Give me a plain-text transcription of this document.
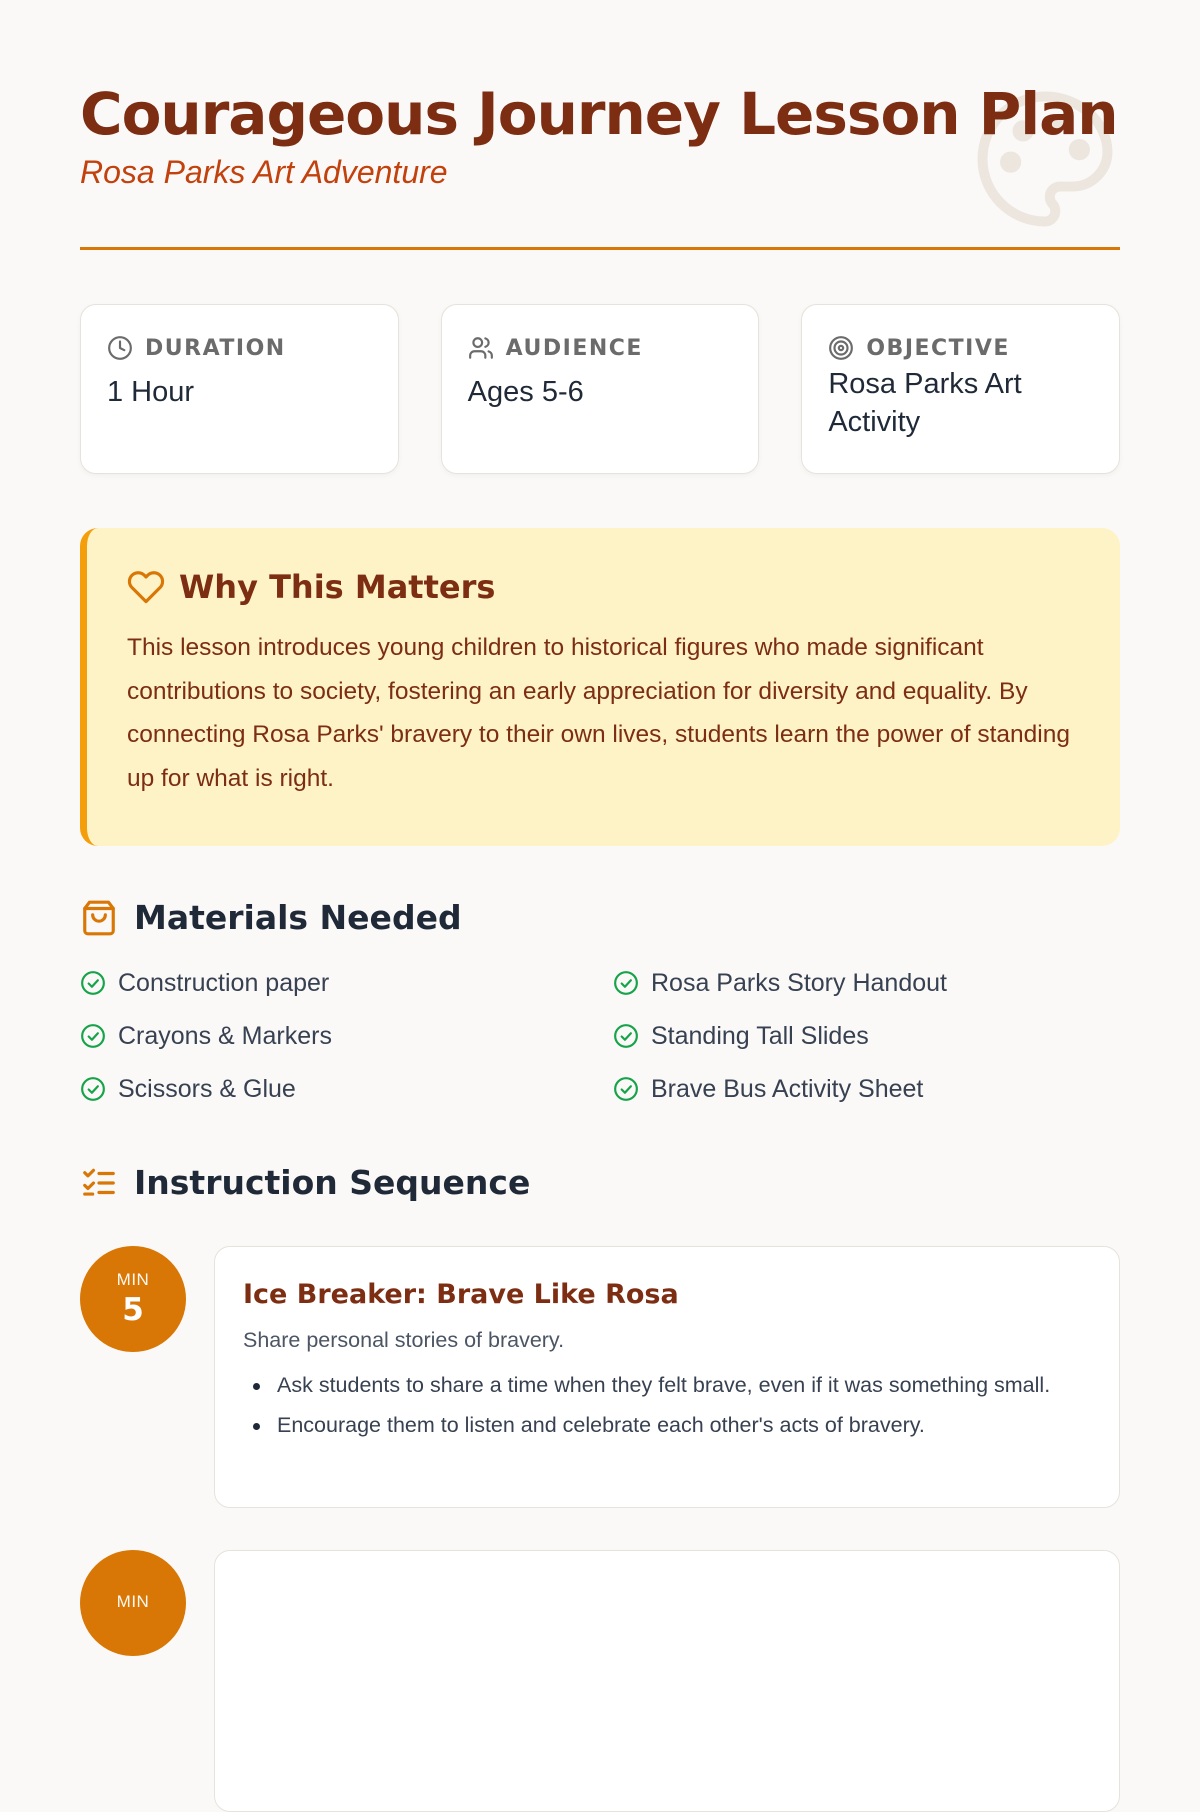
Courageous Journey Lesson Plan
Rosa Parks Art Adventure
DURATION
1 Hour
AUDIENCE
Ages 5-6
OBJECTIVE
Rosa Parks Art Activity
Why This Matters

This lesson introduces young children to historical figures who made significant contributions to society, fostering an early appreciation for diversity and equality. By connecting Rosa Parks' bravery to their own lives, students learn the power of standing up for what is right.

Materials Needed
Construction paper	Rosa Parks Story Handout
Crayons & Markers	Standing Tall Slides
Scissors & Glue	Brave Bus Activity Sheet
Instruction Sequence
MIN
5	Ice Breaker: Brave Like Rosa

Share personal stories of bravery.

Ask students to share a time when they felt brave, even if it was something small.
Encourage them to listen and celebrate each other's acts of bravery.
MIN
